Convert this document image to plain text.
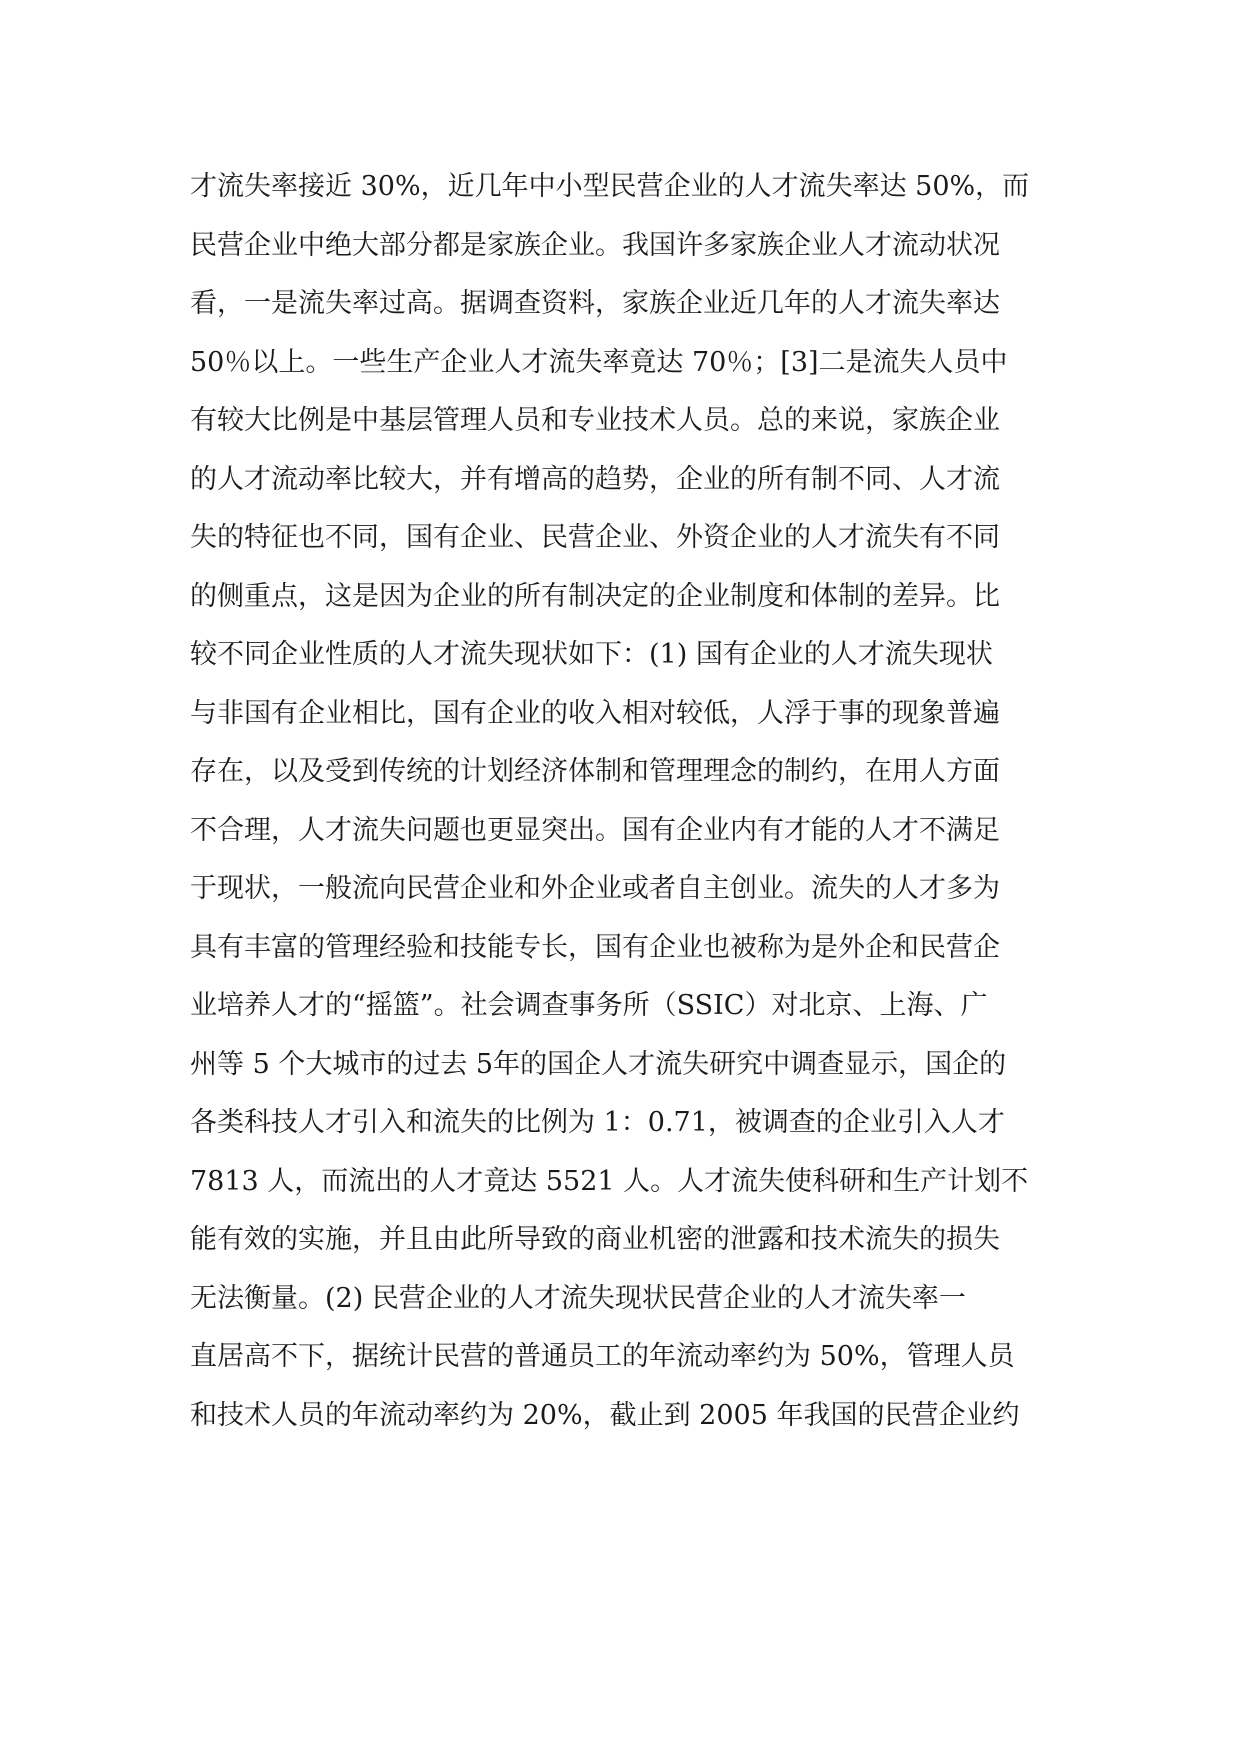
才流失率接近 30%，近几年中小型民营企业的人才流失率达 50%，而
民营企业中绝大部分都是家族企业。我国许多家族企业人才流动状况
看，一是流失率过高。据调查资料，家族企业近几年的人才流失率达
50％以上。一些生产企业人才流失率竟达 70％；[3]二是流失人员中
有较大比例是中基层管理人员和专业技术人员。总的来说，家族企业
的人才流动率比较大，并有增高的趋势，企业的所有制不同、人才流
失的特征也不同，国有企业、民营企业、外资企业的人才流失有不同
的侧重点，这是因为企业的所有制决定的企业制度和体制的差异。比
较不同企业性质的人才流失现状如下：(1) 国有企业的人才流失现状
与非国有企业相比，国有企业的收入相对较低，人浮于事的现象普遍
存在，以及受到传统的计划经济体制和管理理念的制约，在用人方面
不合理，人才流失问题也更显突出。国有企业内有才能的人才不满足
于现状，一般流向民营企业和外企业或者自主创业。流失的人才多为
具有丰富的管理经验和技能专长，国有企业也被称为是外企和民营企
业培养人才的“摇篮”。社会调查事务所（SSIC）对北京、上海、广
州等 5 个大城市的过去 5年的国企人才流失研究中调查显示，国企的
各类科技人才引入和流失的比例为 1：0.71，被调查的企业引入人才
7813 人，而流出的人才竟达 5521 人。人才流失使科研和生产计划不
能有效的实施，并且由此所导致的商业机密的泄露和技术流失的损失
无法衡量。(2) 民营企业的人才流失现状民营企业的人才流失率一
直居高不下，据统计民营的普通员工的年流动率约为 50%，管理人员
和技术人员的年流动率约为 20%，截止到 2005 年我国的民营企业约
